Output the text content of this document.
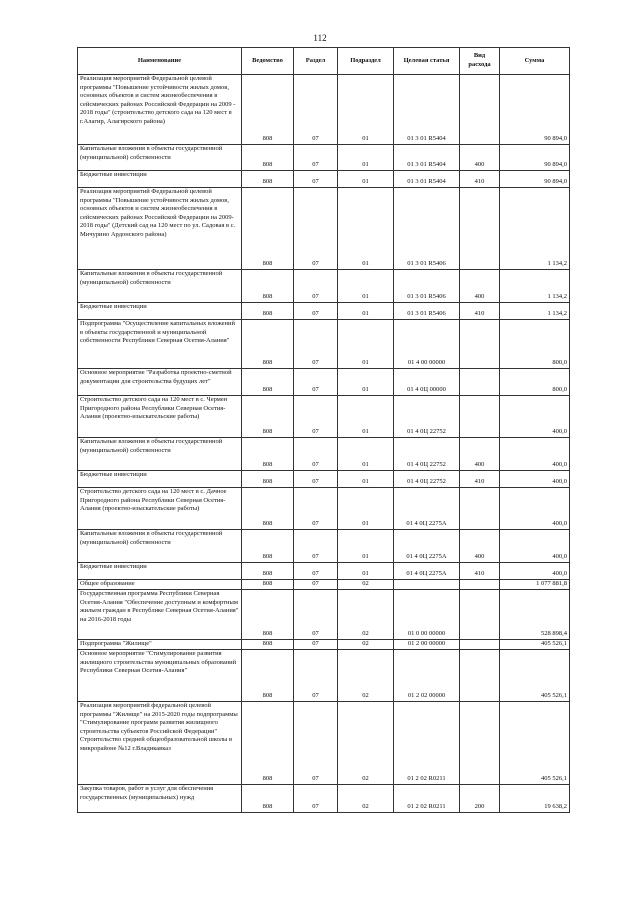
112
Наименование	Ведомство	Раздел	Подраздел	Целевая статья	Вид расхода	Сумма
Реализация мероприятий Федеральной целевой программы "Повышение устойчивости жилых домов, основных объектов и систем жизнеобеспечения в сейсмических районах Российской Федерации на 2009 - 2018 годы" (строительство детского сада на 120 мест в г.Алагир, Алагирского района)	808	07	01	01 3 01 R5404		90 894,0
Капитальные вложения в объекты государственной (муниципальной) собственности	808	07	01	01 3 01 R5404	400	90 894,0
Бюджетные инвестиции	808	07	01	01 3 01 R5404	410	90 894,0
Реализация мероприятий Федеральной целевой программы "Повышение устойчивости жилых домов, основных объектов и систем жизнеобеспечения в сейсмических районах Российской Федерации на 2009-2018 годы" (Детский сад на 120 мест по ул. Садовая в с. Мичурино Ардонского района)	808	07	01	01 3 01 R5406		1 134,2
Капитальные вложения в объекты государственной (муниципальной) собственности	808	07	01	01 3 01 R5406	400	1 134,2
Бюджетные инвестиции	808	07	01	01 3 01 R5406	410	1 134,2
Подпрограмма "Осуществление капитальных вложений в объекты государственной и муниципальной собственности Республики Северная Осетия-Алания"	808	07	01	01 4 00 00000		800,0
Основное мероприятие "Разработка проектно-сметной документации для строительства будущих лет"	808	07	01	01 4 0Ц 00000		800,0
Строительство детского сада на 120 мест в с. Чермен Пригородного района Республики Северная Осетия-Алания (проектно-изыскательские работы)	808	07	01	01 4 0Ц 22752		400,0
Капитальные вложения в объекты государственной (муниципальной) собственности	808	07	01	01 4 0Ц 22752	400	400,0
Бюджетные инвестиции	808	07	01	01 4 0Ц 22752	410	400,0
Строительство детского сада на 120 мест в с. Дачное Пригородного района Республики Северная Осетия-Алания (проектно-изыскательские работы)	808	07	01	01 4 0Ц 2275А		400,0
Капитальные вложения в объекты государственной (муниципальной) собственности	808	07	01	01 4 0Ц 2275А	400	400,0
Бюджетные инвестиции	808	07	01	01 4 0Ц 2275А	410	400,0
Общее образование	808	07	02			1 077 881,8
Государственная программа Республики Северная Осетия-Алания "Обеспечение доступным и комфортным жильем граждан в Республике Северная Осетия-Алания" на 2016-2018 годы	808	07	02	01 0 00 00000		528 898,4
Подпрограмма "Жилище"	808	07	02	01 2 00 00000		405 526,1
Основное мероприятие "Стимулирование развития жилищного строительства муниципальных образований Республики Северная Осетия-Алания"	808	07	02	01 2 02 00000		405 526,1
Реализация мероприятий федеральной целевой программы "Жилище" на 2015-2020 годы подпрограммы "Стимулирование программ развития жилищного строительства субъектов Российской Федерации" Строительство средней общеобразовательной школы в микрорайоне №12 г.Владикавказ	808	07	02	01 2 02 R0211		405 526,1
Закупка товаров, работ и услуг для обеспечения государственных (муниципальных) нужд	808	07	02	01 2 02 R0211	200	19 638,2
